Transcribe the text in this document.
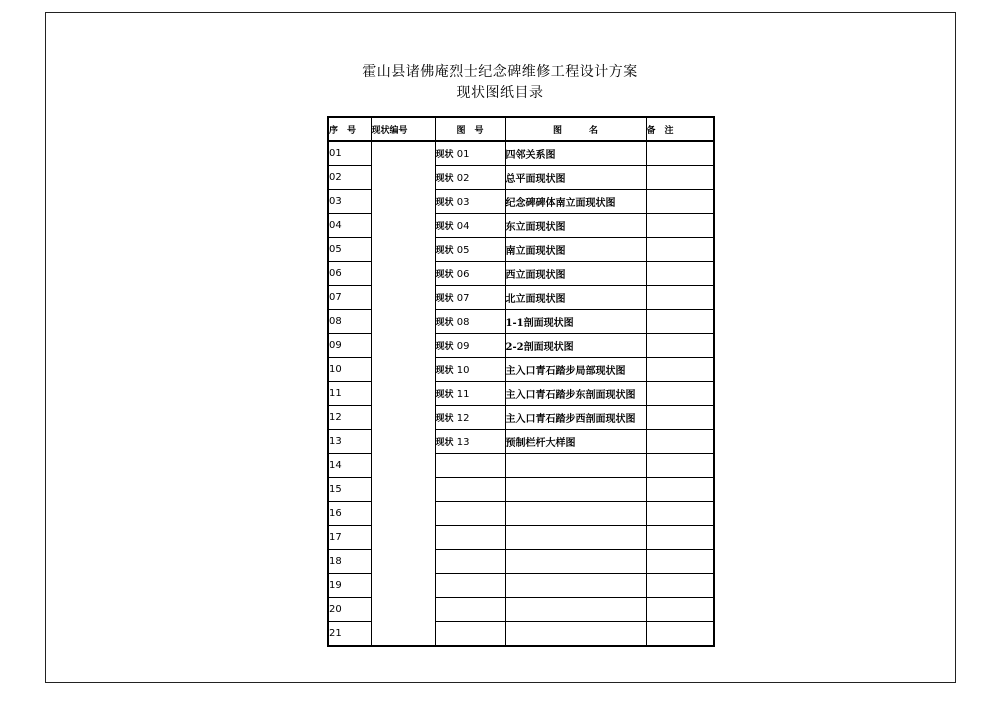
霍山县诸佛庵烈士纪念碑维修工程设计方案
现状图纸目录
序　号	现状编号	图　号	图　　　名	备　注
01		现状 01	四邻关系图	
02		现状 02	总平面现状图	
03		现状 03	纪念碑碑体南立面现状图	
04		现状 04	东立面现状图	
05		现状 05	南立面现状图	
06		现状 06	西立面现状图	
07		现状 07	北立面现状图	
08		现状 08	1-1剖面现状图	
09		现状 09	2-2剖面现状图	
10		现状 10	主入口青石踏步局部现状图	
11		现状 11	主入口青石踏步东剖面现状图	
12		现状 12	主入口青石踏步西剖面现状图	
13		现状 13	预制栏杆大样图	
14				
15				
16				
17				
18				
19				
20				
21				
